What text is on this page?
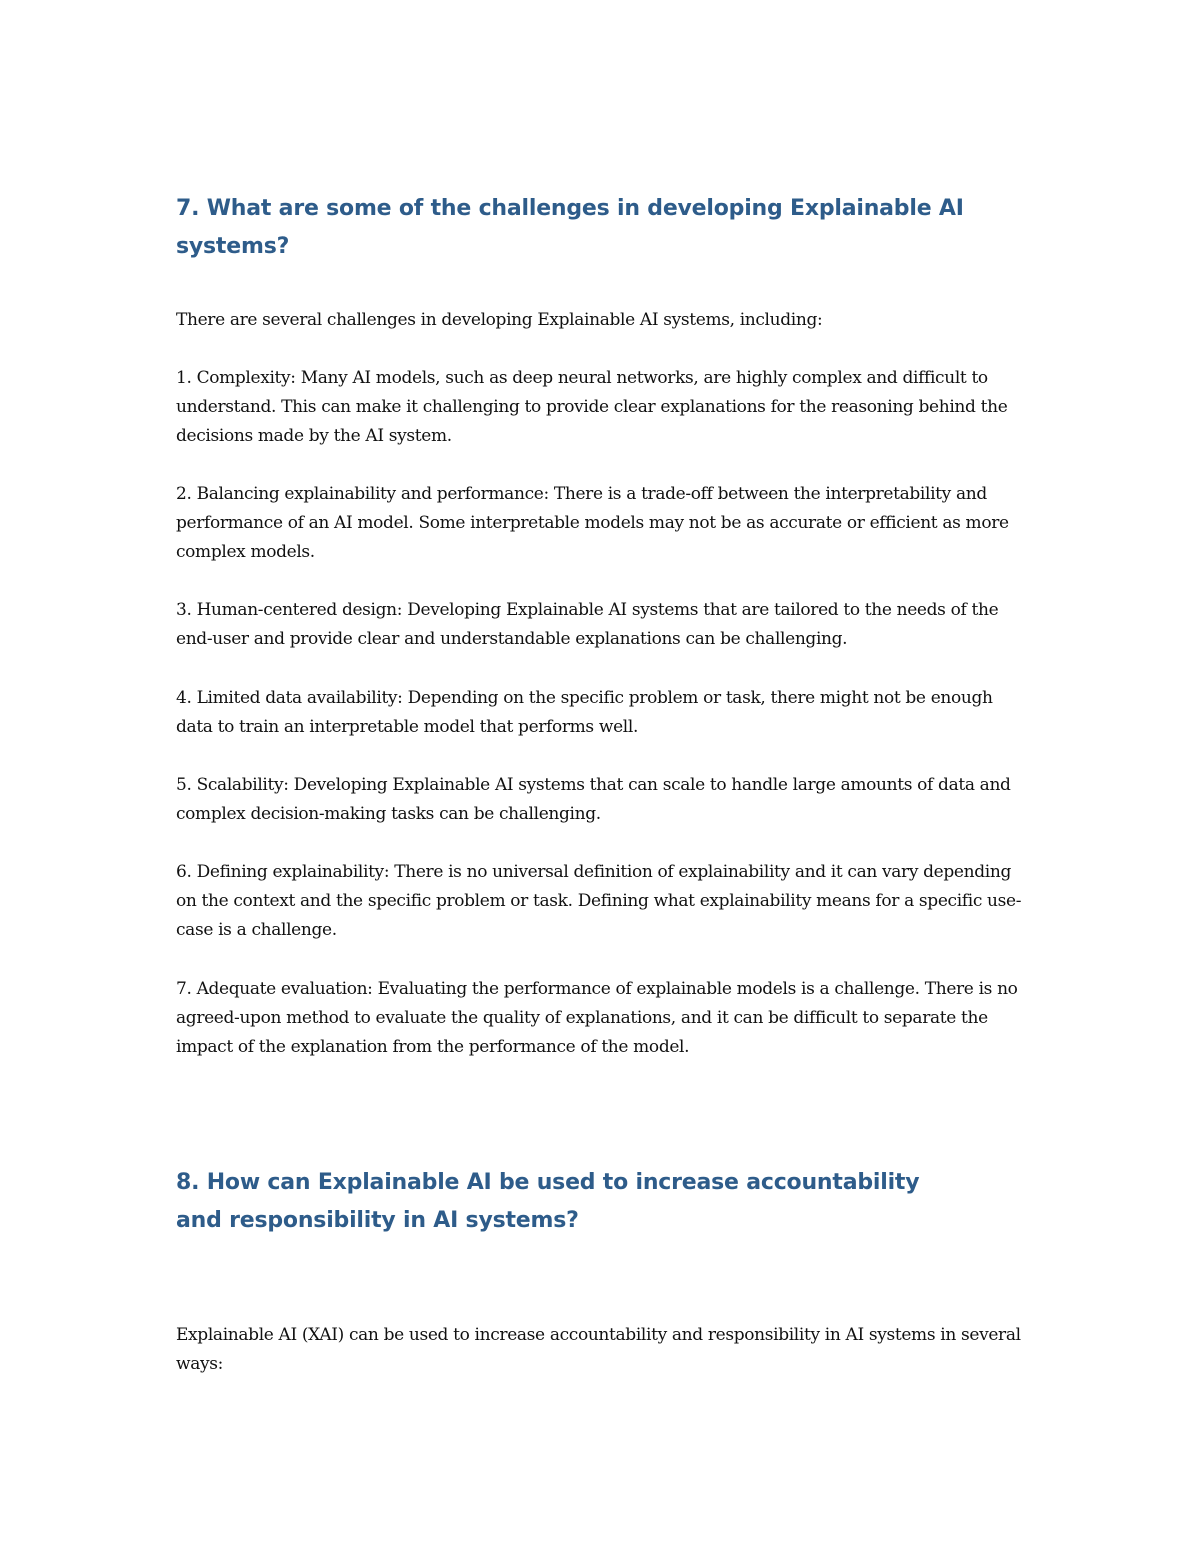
7. What are some of the challenges in developing Explainable AI systems?

There are several challenges in developing Explainable AI systems, including:

1. Complexity: Many AI models, such as deep neural networks, are highly complex and difficult to understand. This can make it challenging to provide clear explanations for the reasoning behind the decisions made by the AI system.

2. Balancing explainability and performance: There is a trade-off between the interpretability and performance of an AI model. Some interpretable models may not be as accurate or efficient as more complex models.

3. Human-centered design: Developing Explainable AI systems that are tailored to the needs of the end-user and provide clear and understandable explanations can be challenging.

4. Limited data availability: Depending on the specific problem or task, there might not be enough data to train an interpretable model that performs well.

5. Scalability: Developing Explainable AI systems that can scale to handle large amounts of data and complex decision-making tasks can be challenging.

6. Defining explainability: There is no universal definition of explainability and it can vary depending on the context and the specific problem or task. Defining what explainability means for a specific use-case is a challenge.

7. Adequate evaluation: Evaluating the performance of explainable models is a challenge. There is no agreed-upon method to evaluate the quality of explanations, and it can be difficult to separate the impact of the explanation from the performance of the model.

8. How can Explainable AI be used to increase accountability and responsibility in AI systems?

Explainable AI (XAI) can be used to increase accountability and responsibility in AI systems in several ways:
